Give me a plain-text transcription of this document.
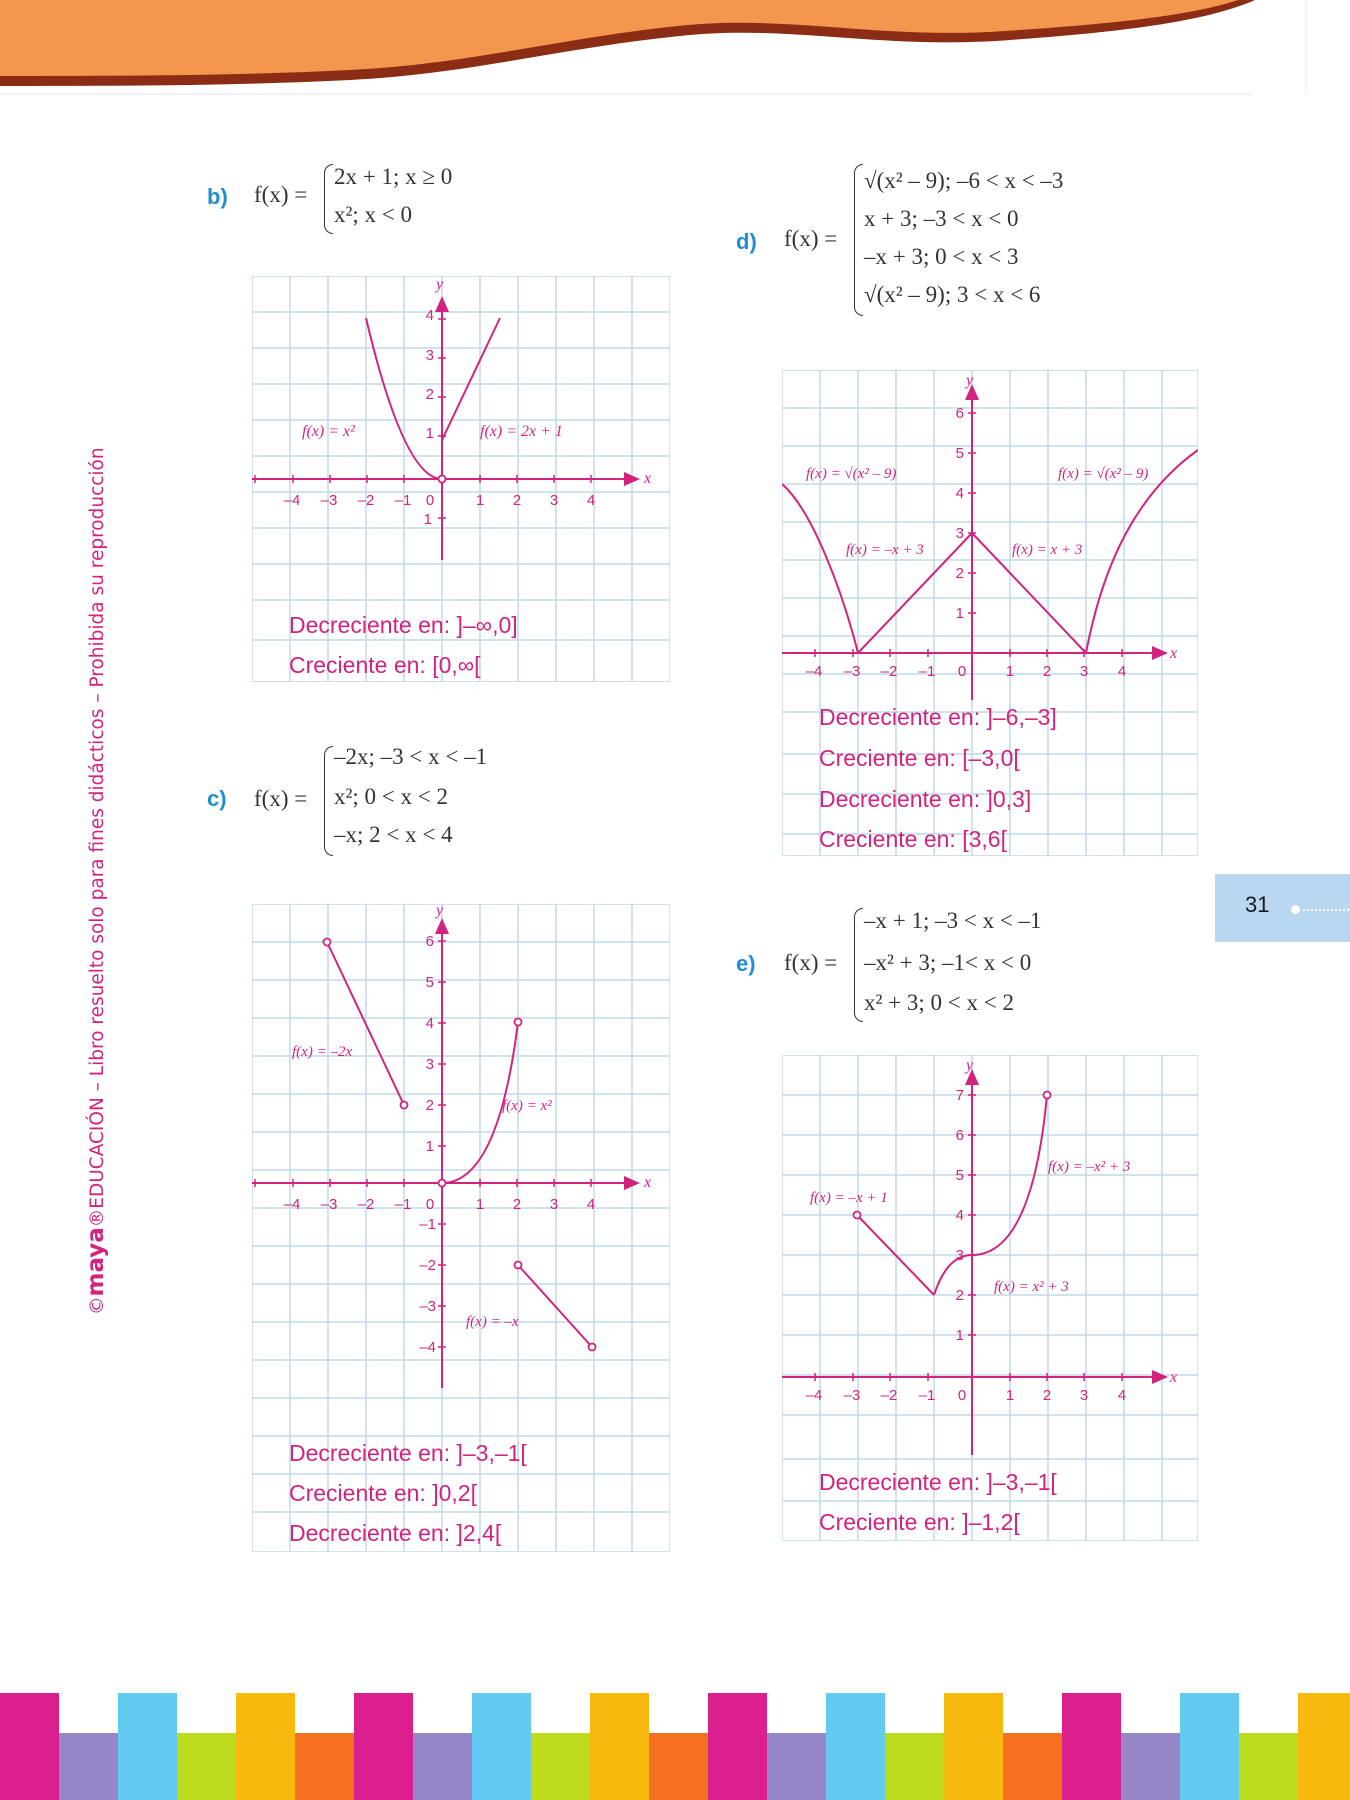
©maya®EDUCACIÓN – Libro resuelto solo para fines didácticos – Prohibida su reproducción	31
b) f(x) =
2x + 1; x ≥ 0
x²; x < 0
–4 –3 –2 –1 0	1 2 3 4
4
3
2
1
1
x
y
f(x) = x²	f(x) = 2x + 1
Decreciente en: ]–∞,0]
Creciente en: [0,∞[
c) f(x) =
–2x; –3 < x < –1
x²; 0 < x < 2
–x; 2 < x < 4
–4 –3 –2 –1 0	1 2 3 4
6
5
4
3
2
1
–1
–2
–3
–4
x
y
f(x) = –2x
f(x) = x²
f(x) = –x
Decreciente en: ]–3,–1[
Creciente en: ]0,2[
Decreciente en: ]2,4[
d) f(x) =
√(x² – 9); –6 < x < –3
x + 3; –3 < x < 0
–x + 3; 0 < x < 3
√(x² – 9); 3 < x < 6
–4 –3 –2 –1 0	1 2 3 4
6
5
4
3
2
1
x
y
f(x) = √(x² – 9)
f(x) = –x + 3	f(x) = x + 3
f(x) = √(x² – 9)
Decreciente en: ]–6,–3]
Creciente en: [–3,0[
Decreciente en: ]0,3]
Creciente en: [3,6[
e) f(x) =
–x + 1; –3 < x < –1
–x² + 3; –1< x < 0
x² + 3; 0 < x < 2
–4 –3 –2 –1 0	1 2 3 4
7
6
5
4
3
2
1
x
y
f(x) = –x + 1
f(x) = –x² + 3
f(x) = x² + 3
Decreciente en: ]–3,–1[
Creciente en: ]–1,2[
